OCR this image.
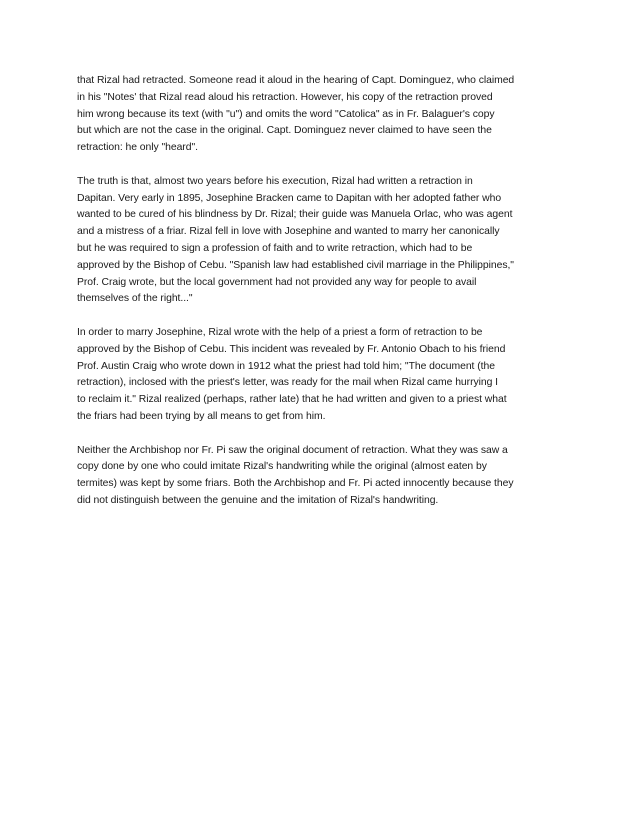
that Rizal had retracted. Someone read it aloud in the hearing of Capt. Dominguez, who claimed
in his "Notes' that Rizal read aloud his retraction. However, his copy of the retraction proved
him wrong because its text (with "u") and omits the word "Catolica" as in Fr. Balaguer's copy
but which are not the case in the original. Capt. Dominguez never claimed to have seen the
retraction: he only "heard".

The truth is that, almost two years before his execution, Rizal had written a retraction in
Dapitan. Very early in 1895, Josephine Bracken came to Dapitan with her adopted father who
wanted to be cured of his blindness by Dr. Rizal; their guide was Manuela Orlac, who was agent
and a mistress of a friar. Rizal fell in love with Josephine and wanted to marry her canonically
but he was required to sign a profession of faith and to write retraction, which had to be
approved by the Bishop of Cebu. "Spanish law had established civil marriage in the Philippines,"
Prof. Craig wrote, but the local government had not provided any way for people to avail
themselves of the right..."

In order to marry Josephine, Rizal wrote with the help of a priest a form of retraction to be
approved by the Bishop of Cebu. This incident was revealed by Fr. Antonio Obach to his friend
Prof. Austin Craig who wrote down in 1912 what the priest had told him; "The document (the
retraction), inclosed with the priest's letter, was ready for the mail when Rizal came hurrying I
to reclaim it." Rizal realized (perhaps, rather late) that he had written and given to a priest what
the friars had been trying by all means to get from him.

Neither the Archbishop nor Fr. Pi saw the original document of retraction. What they was saw a
copy done by one who could imitate Rizal's handwriting while the original (almost eaten by
termites) was kept by some friars. Both the Archbishop and Fr. Pi acted innocently because they
did not distinguish between the genuine and the imitation of Rizal's handwriting.
